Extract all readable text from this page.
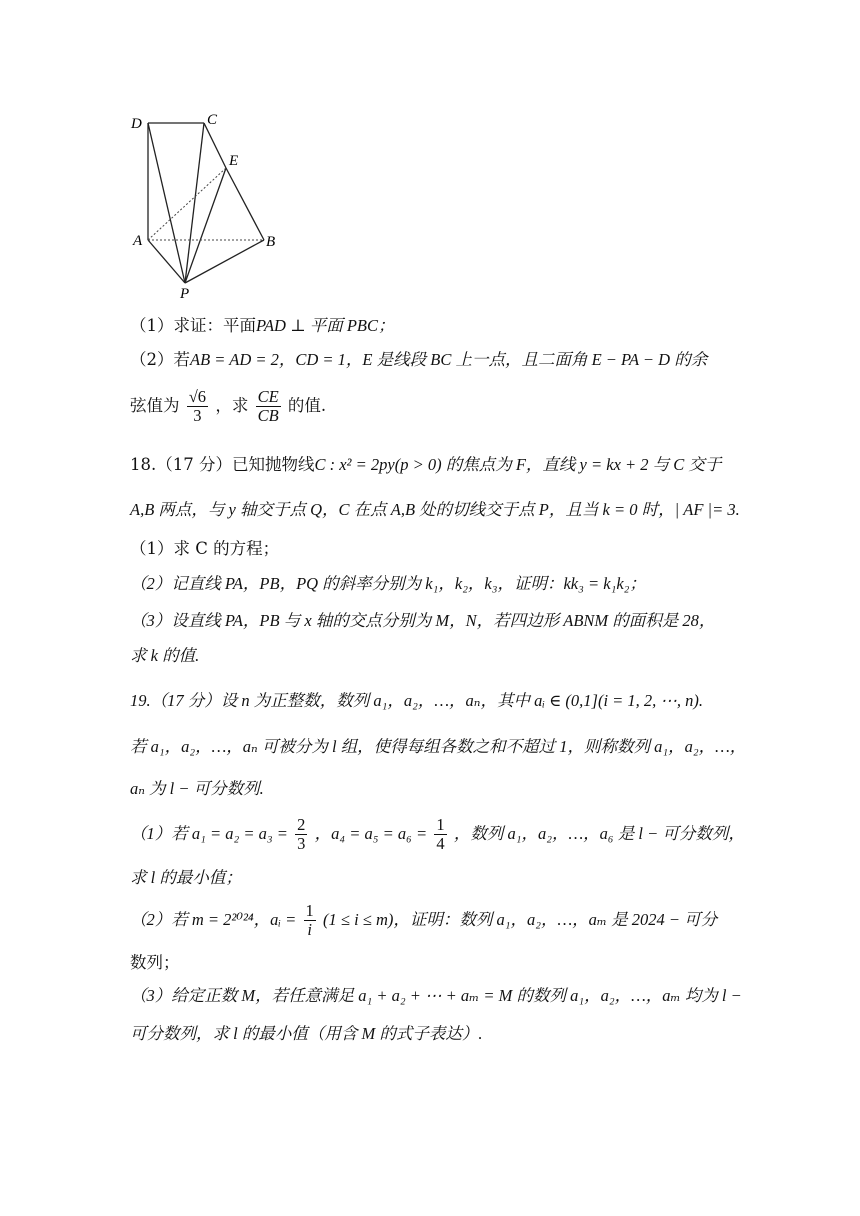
D	C
E
A	B
P
（1）求证：平面PAD ⊥ 平面 PBC；
（2）若AB = AD = 2，CD = 1，E 是线段 BC 上一点，且二面角 E − PA − D 的余
弦值为 $\frac{√6}{3}$ ，求 $\frac{CE}{CB}$ 的值.
18.（17 分）已知抛物线C : x² = 2py(p > 0) 的焦点为 F，直线 y = kx + 2 与 C 交于
A,B 两点，与 y 轴交于点 Q，C 在点 A,B 处的切线交于点 P，且当 k = 0 时，| AF |= 3.
（1）求 C 的方程；
（2）记直线 PA，PB，PQ 的斜率分别为 k₁，k₂，k₃，证明：kk₃ = k₁k₂；
（3）设直线 PA，PB 与 x 轴的交点分别为 M，N，若四边形 ABNM 的面积是 28，
求 k 的值.
19.（17 分）设 n 为正整数，数列 a₁，a₂，…，aₙ，其中 aᵢ ∈ (0,1](i = 1, 2, ⋯, n).
若 a₁，a₂，…，aₙ 可被分为 l 组，使得每组各数之和不超过 1，则称数列 a₁，a₂，…，
aₙ 为 l − 可分数列.
（1）若 $a_1 = a_2 = a_3 = \frac{2}{3}$ ，$a_4 = a_5 = a_6 = \frac{1}{4}$ ，数列 a₁，a₂，…，a₆ 是 l − 可分数列，
求 l 的最小值；
（2）若 m = 2²⁰²⁴，aᵢ = $\frac{1}{i} (1 \le i \le m)$，证明：数列 a₁，a₂，…，aₘ 是 2024 − 可分
数列；
（3）给定正数 M，若任意满足 a₁ + a₂ + ⋯ + aₘ = M 的数列 a₁，a₂，…，aₘ 均为 l −
可分数列，求 l 的最小值（用含 M 的式子表达）.
